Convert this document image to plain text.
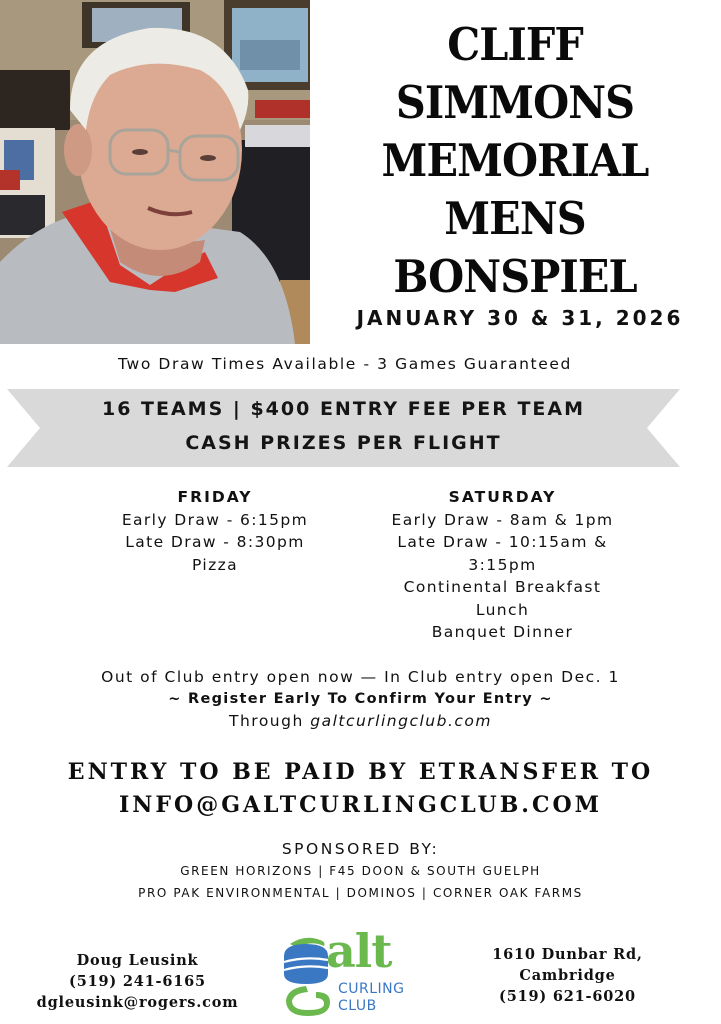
CLIFF
SIMMONS
MEMORIAL
MENS
BONSPIEL
JANUARY 30 & 31, 2026
Two Draw Times Available - 3 Games Guaranteed
16 TEAMS | $400 ENTRY FEE PER TEAM
CASH PRIZES PER FLIGHT
FRIDAY
Early Draw - 6:15pm
Late Draw - 8:30pm
Pizza
SATURDAY
Early Draw - 8am & 1pm
Late Draw - 10:15am &
3:15pm
Continental Breakfast
Lunch
Banquet Dinner
Out of Club entry open now — In Club entry open Dec. 1
~ Register Early To Confirm Your Entry ~
Through galtcurlingclub.com
ENTRY TO BE PAID BY ETRANSFER TO
INFO@GALTCURLINGCLUB.COM
SPONSORED BY:
GREEN HORIZONS | F45 DOON & SOUTH GUELPH
PRO PAK ENVIRONMENTAL | DOMINOS | CORNER OAK FARMS
Doug Leusink
(519) 241-6165
dgleusink@rogers.com
alt
CURLING
CLUB
1610 Dunbar Rd,
Cambridge
(519) 621-6020
